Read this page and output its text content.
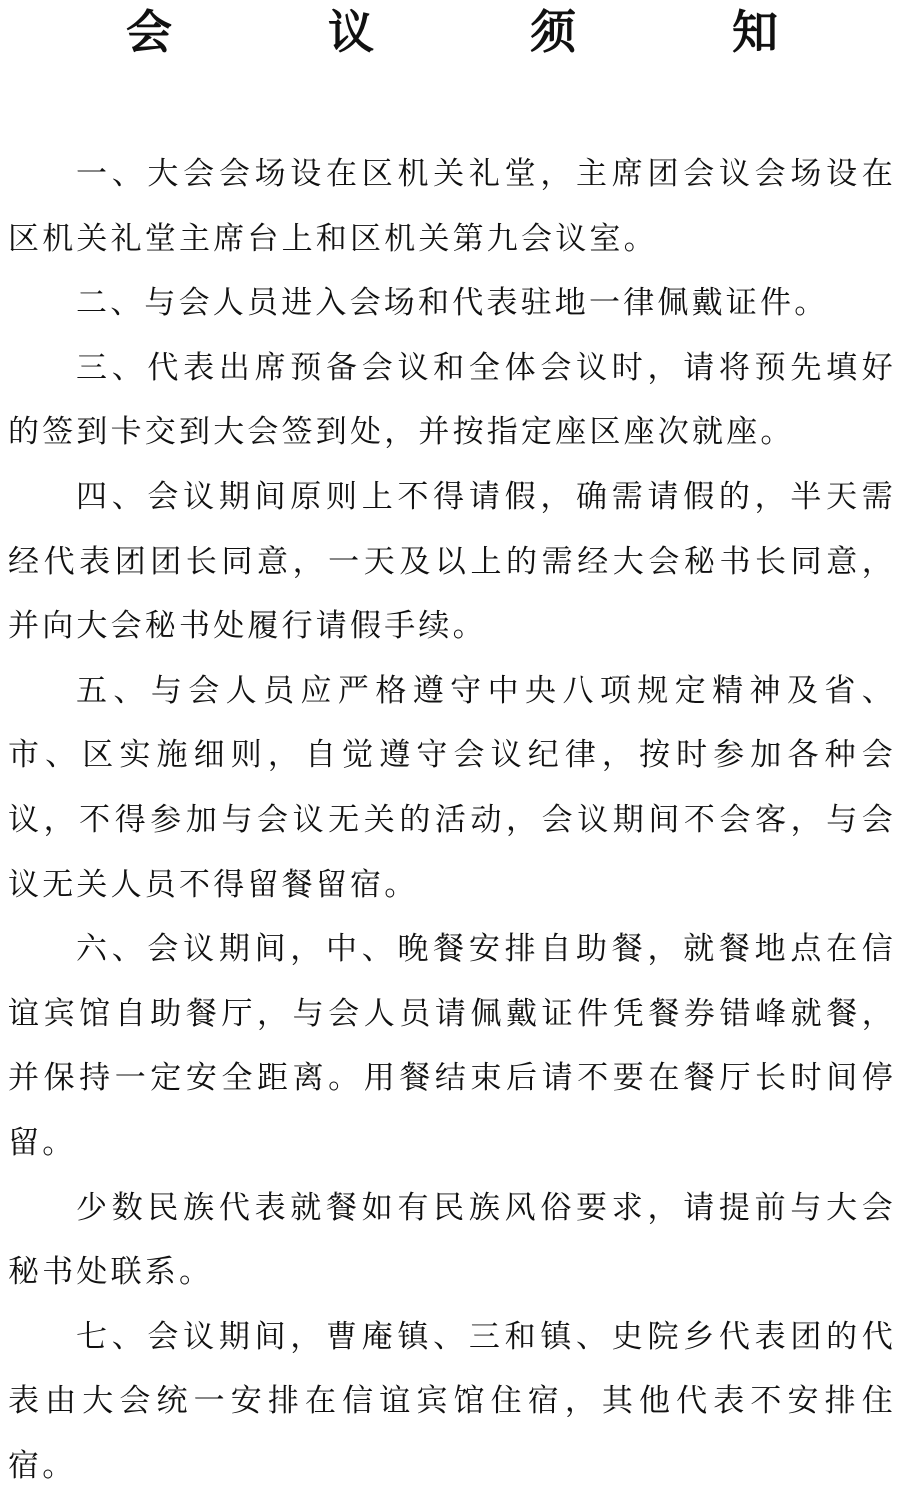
会 议 须 知

一、大会会场设在区机关礼堂，主席团会议会场设在区机关礼堂主席台上和区机关第九会议室。

二、与会人员进入会场和代表驻地一律佩戴证件。

三、代表出席预备会议和全体会议时，请将预先填好的签到卡交到大会签到处，并按指定座区座次就座。

四、会议期间原则上不得请假，确需请假的，半天需经代表团团长同意，一天及以上的需经大会秘书长同意，并向大会秘书处履行请假手续。

五、与会人员应严格遵守中央八项规定精神及省、市、区实施细则，自觉遵守会议纪律，按时参加各种会议，不得参加与会议无关的活动，会议期间不会客，与会议无关人员不得留餐留宿。

六、会议期间，中、晚餐安排自助餐，就餐地点在信谊宾馆自助餐厅，与会人员请佩戴证件凭餐券错峰就餐，并保持一定安全距离。用餐结束后请不要在餐厅长时间停留。

少数民族代表就餐如有民族风俗要求，请提前与大会秘书处联系。

七、会议期间，曹庵镇、三和镇、史院乡代表团的代表由大会统一安排在信谊宾馆住宿，其他代表不安排住宿。
